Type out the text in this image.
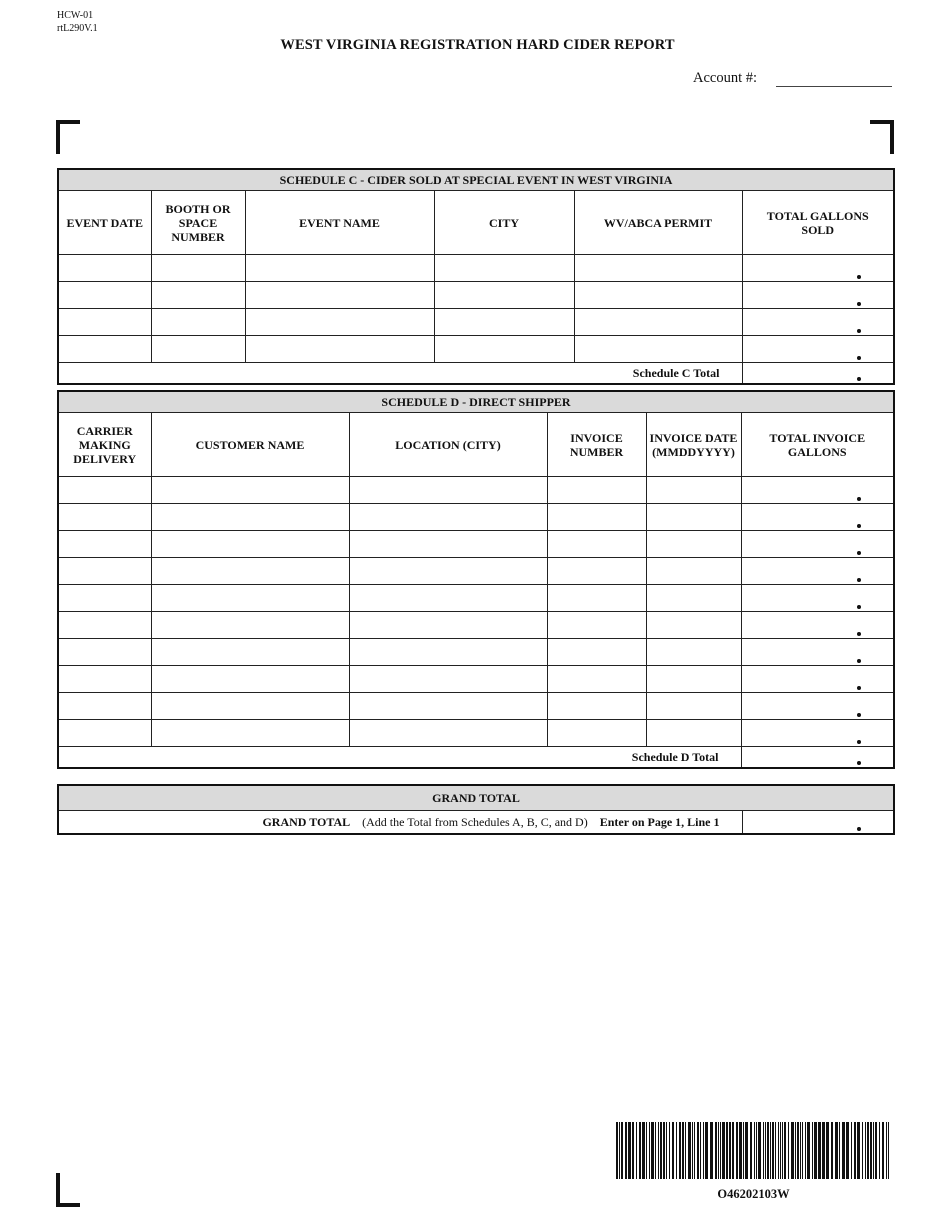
HCW-01
rtL290V.1
WEST VIRGINIA REGISTRATION HARD CIDER REPORT
Account #:
SCHEDULE C - CIDER SOLD AT SPECIAL EVENT IN WEST VIRGINIA					
EVENT DATE	BOOTH OR SPACE NUMBER	EVENT NAME	CITY	WV/ABCA PERMIT	TOTAL GALLONS SOLD

Schedule C Total					
SCHEDULE D - DIRECT SHIPPER					
CARRIER MAKING DELIVERY	CUSTOMER NAME	LOCATION (CITY)	INVOICE NUMBER	INVOICE DATE (MMDDYYYY)	TOTAL INVOICE GALLONS

Schedule D Total					
GRAND TOTAL
GRAND TOTAL (Add the Total from Schedules A, B, C, and D) Enter on Page 1, Line 1	
O46202103W
